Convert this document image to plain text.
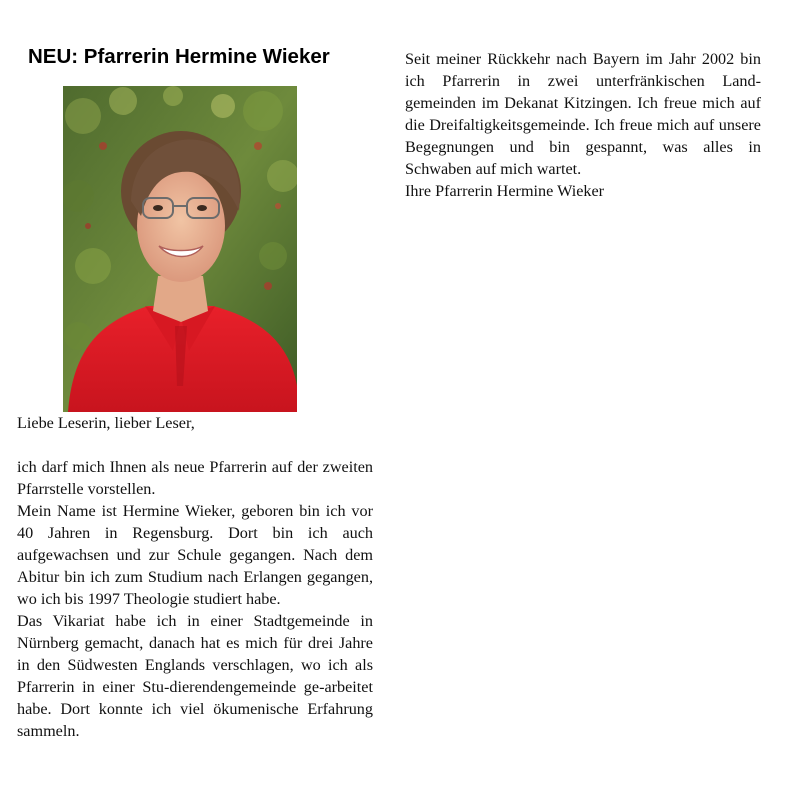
NEU: Pfarrerin Hermine Wieker

Liebe Leserin, lieber Leser,

ich darf mich Ihnen als neue Pfarrerin auf der zweiten Pfarrstelle vorstellen.

Mein Name ist Hermine Wieker, geboren bin ich vor 40 Jahren in Regensburg. Dort bin ich auch aufgewachsen und zur Schule gegangen. Nach dem Abitur bin ich zum Studium nach Erlangen gegangen, wo ich bis 1997 Theologie studiert habe.

Das Vikariat habe ich in einer Stadtgemeinde in Nürnberg gemacht, danach hat es mich für drei Jahre in den Südwesten Englands verschlagen, wo ich als Pfarrerin in einer Stu-dierendengemeinde ge-arbeitet habe. Dort konnte ich viel ökumenische Erfahrung sammeln.

Seit meiner Rückkehr nach Bayern im Jahr 2002 bin ich Pfarrerin in zwei unterfränkischen Land-gemeinden im Dekanat Kitzingen. Ich freue mich auf die Dreifaltigkeitsgemeinde. Ich freue mich auf unsere Begegnungen und bin gespannt, was alles in Schwaben auf mich wartet.

Ihre Pfarrerin Hermine Wieker
